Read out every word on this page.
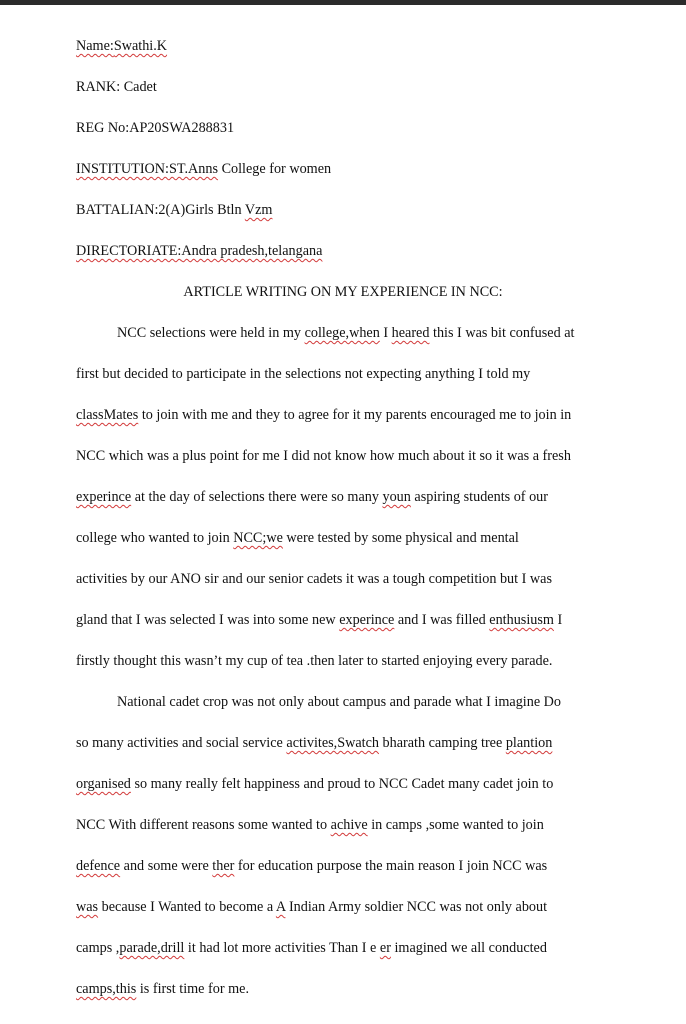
Name:Swathi.K
RANK: Cadet
REG No:AP20SWA288831
INSTITUTION:ST.Anns College for women
BATTALIAN:2(A)Girls Btln Vzm
DIRECTORIATE:Andra pradesh,telangana
ARTICLE WRITING ON MY EXPERIENCE IN NCC:
NCC selections were held in my college,when I heared this I was bit confused at
first but decided to participate in the selections not expecting anything I told my
classMates to join with me and they to agree for it my parents encouraged me to join in
NCC which was a plus point for me I did not know how much about it so it was a fresh
experince at the day of selections there were so many youn aspiring students of our
college who wanted to join NCC;we were tested by some physical and mental
activities by our ANO sir and our senior cadets it was a tough competition but I was
gland that I was selected I was into some new experince and I was filled enthusiusm I
firstly thought this wasn’t my cup of tea .then later to started enjoying every parade.
National cadet crop was not only about campus and parade what I imagine Do
so many activities and social service activites,Swatch bharath camping tree plantion
organised so many really felt happiness and proud to NCC Cadet many cadet join to
NCC With different reasons some wanted to achive in camps ,some wanted to join
defence and some were ther for education purpose the main reason I join NCC was
was because I Wanted to become a A Indian Army soldier NCC was not only about
camps ,parade,drill it had lot more activities Than I e er imagined we all conducted
camps,this is first time for me.
